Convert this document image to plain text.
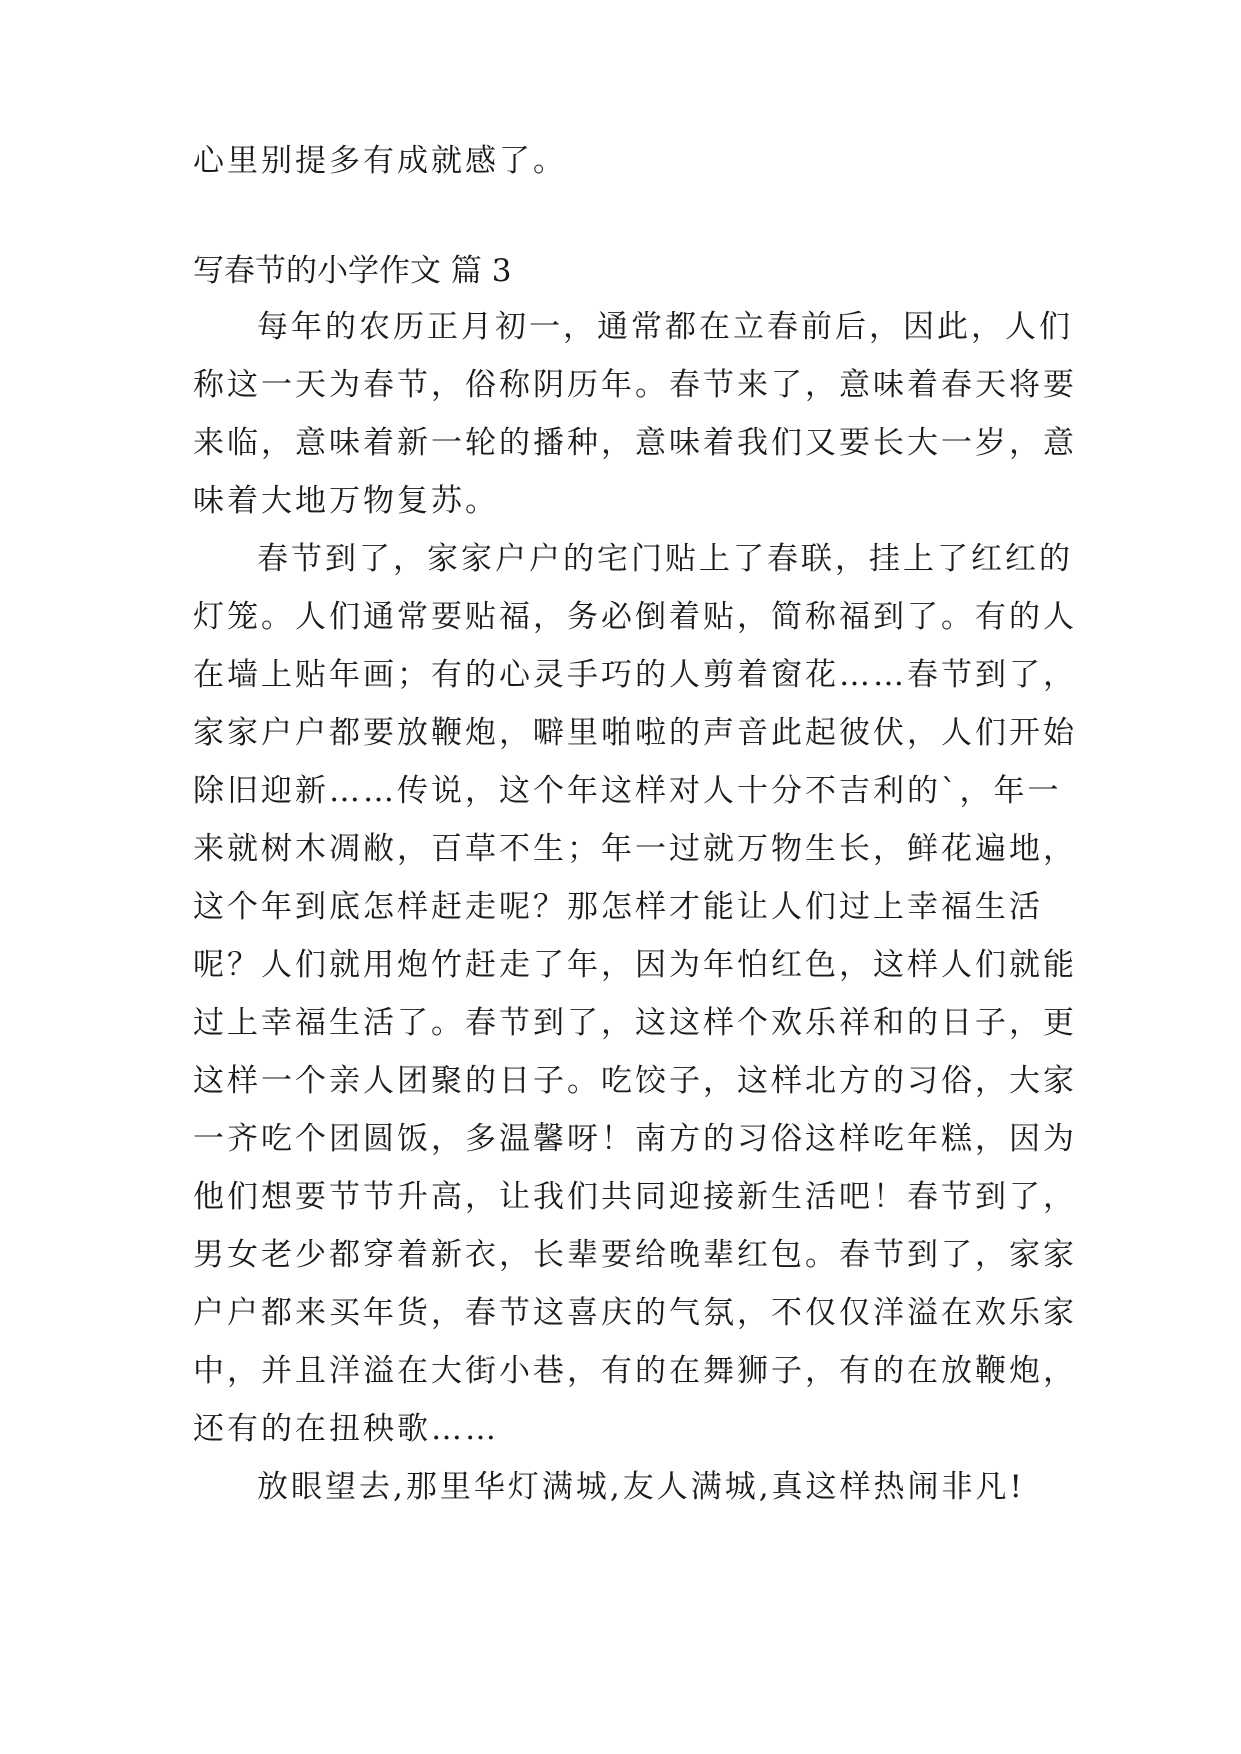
心里别提多有成就感了。
写春节的小学作文 篇 3
每年的农历正月初一，通常都在立春前后，因此，人们
称这一天为春节，俗称阴历年。春节来了，意味着春天将要
来临，意味着新一轮的播种，意味着我们又要长大一岁，意
味着大地万物复苏。
春节到了，家家户户的宅门贴上了春联，挂上了红红的
灯笼。人们通常要贴福，务必倒着贴，简称福到了。有的人
在墙上贴年画；有的心灵手巧的人剪着窗花……春节到了，
家家户户都要放鞭炮，噼里啪啦的声音此起彼伏，人们开始
除旧迎新……传说，这个年这样对人十分不吉利的`，年一
来就树木凋敝，百草不生；年一过就万物生长，鲜花遍地，
这个年到底怎样赶走呢？那怎样才能让人们过上幸福生活
呢？人们就用炮竹赶走了年，因为年怕红色，这样人们就能
过上幸福生活了。春节到了，这这样个欢乐祥和的日子，更
这样一个亲人团聚的日子。吃饺子，这样北方的习俗，大家
一齐吃个团圆饭，多温馨呀！南方的习俗这样吃年糕，因为
他们想要节节升高，让我们共同迎接新生活吧！春节到了，
男女老少都穿着新衣，长辈要给晚辈红包。春节到了，家家
户户都来买年货，春节这喜庆的气氛，不仅仅洋溢在欢乐家
中，并且洋溢在大街小巷，有的在舞狮子，有的在放鞭炮，
还有的在扭秧歌……
放眼望去,那里华灯满城,友人满城,真这样热闹非凡!
